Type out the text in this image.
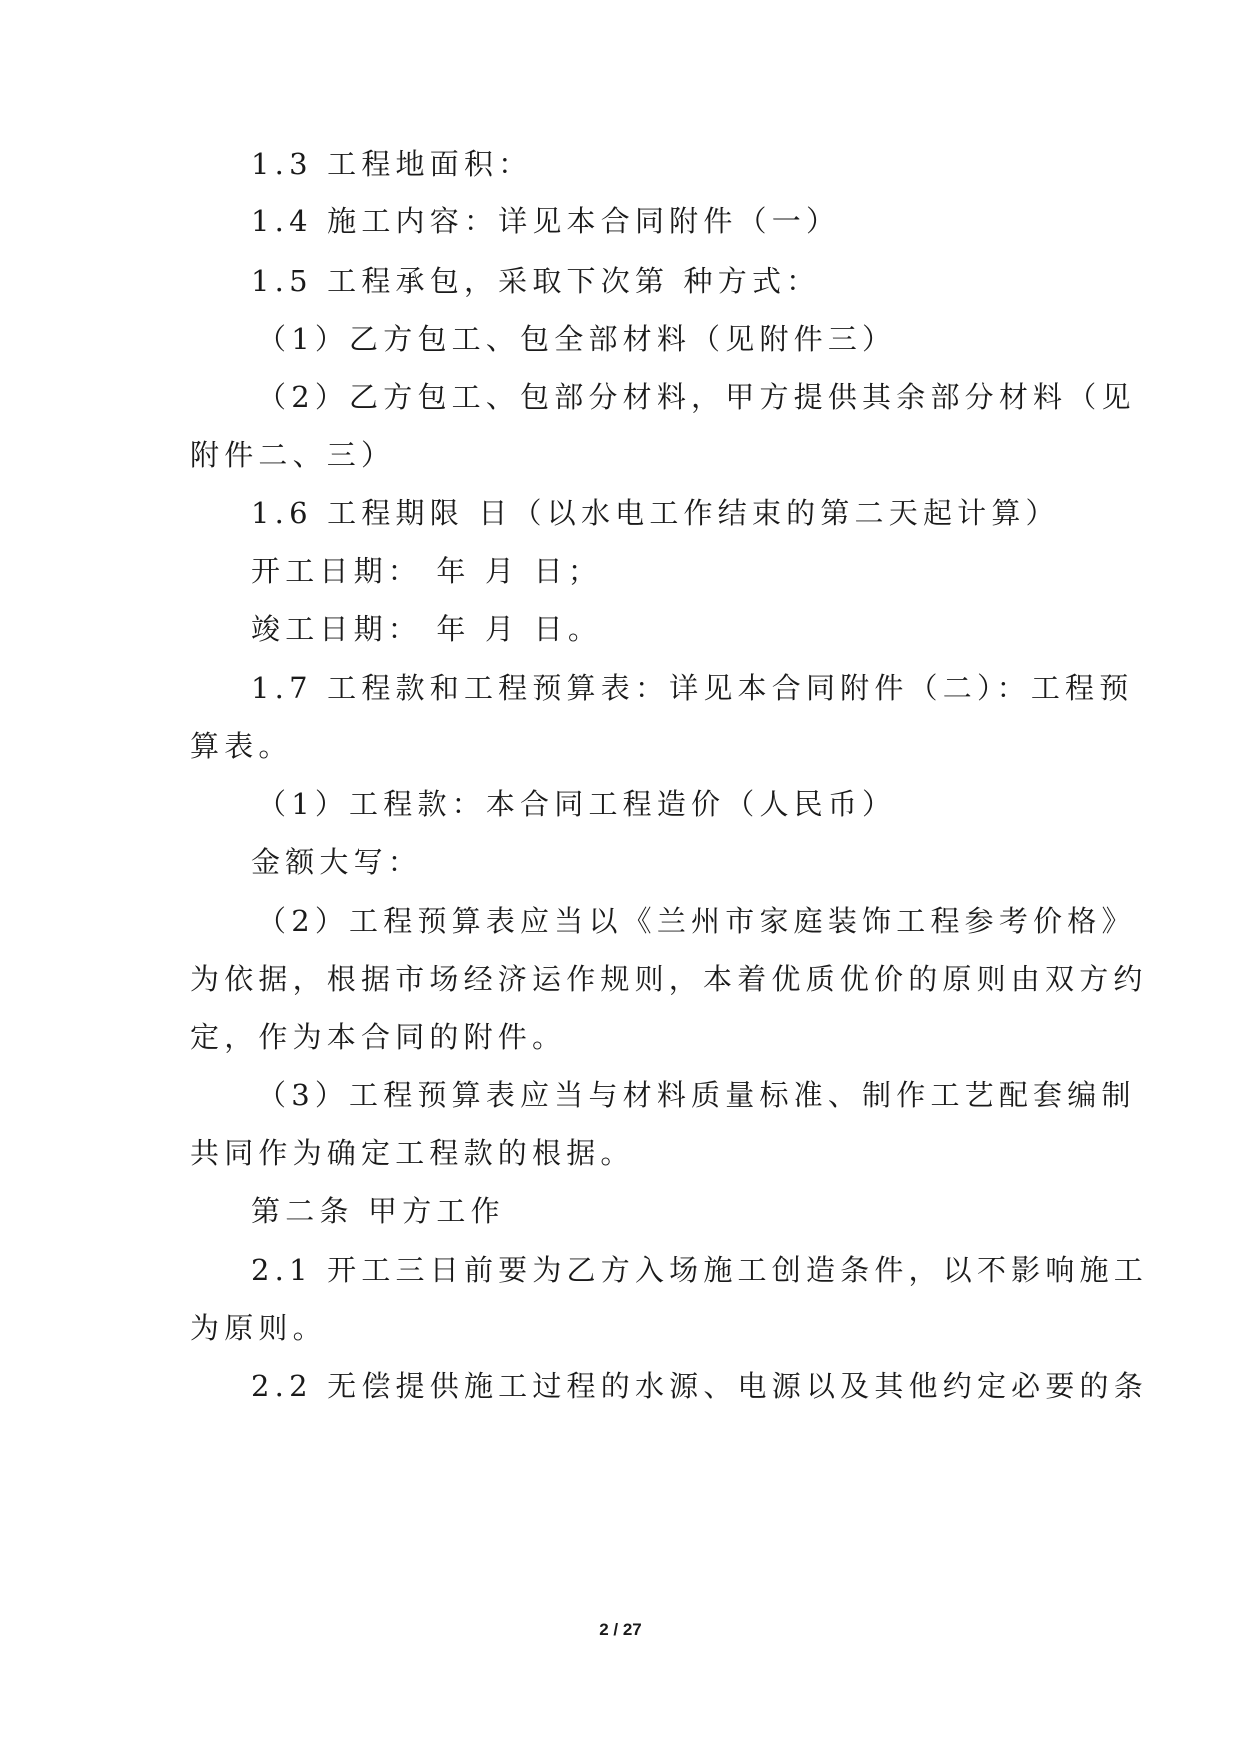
1.3 工程地面积：
1.4 施工内容：详见本合同附件（一）
1.5 工程承包，采取下次第 种方式：
（1）乙方包工、包全部材料（见附件三）
（2）乙方包工、包部分材料，甲方提供其余部分材料（见
附件二、三）
1.6 工程期限 日（以水电工作结束的第二天起计算）
开工日期： 年 月 日；
竣工日期： 年 月 日。
1.7 工程款和工程预算表：详见本合同附件（二）：工程预
算表。
（1）工程款：本合同工程造价（人民币）
金额大写：
（2）工程预算表应当以《兰州市家庭装饰工程参考价格》
为依据，根据市场经济运作规则，本着优质优价的原则由双方约
定，作为本合同的附件。
（3）工程预算表应当与材料质量标准、制作工艺配套编制
共同作为确定工程款的根据。
第二条 甲方工作
2.1 开工三日前要为乙方入场施工创造条件，以不影响施工
为原则。
2.2 无偿提供施工过程的水源、电源以及其他约定必要的条
2 / 27
